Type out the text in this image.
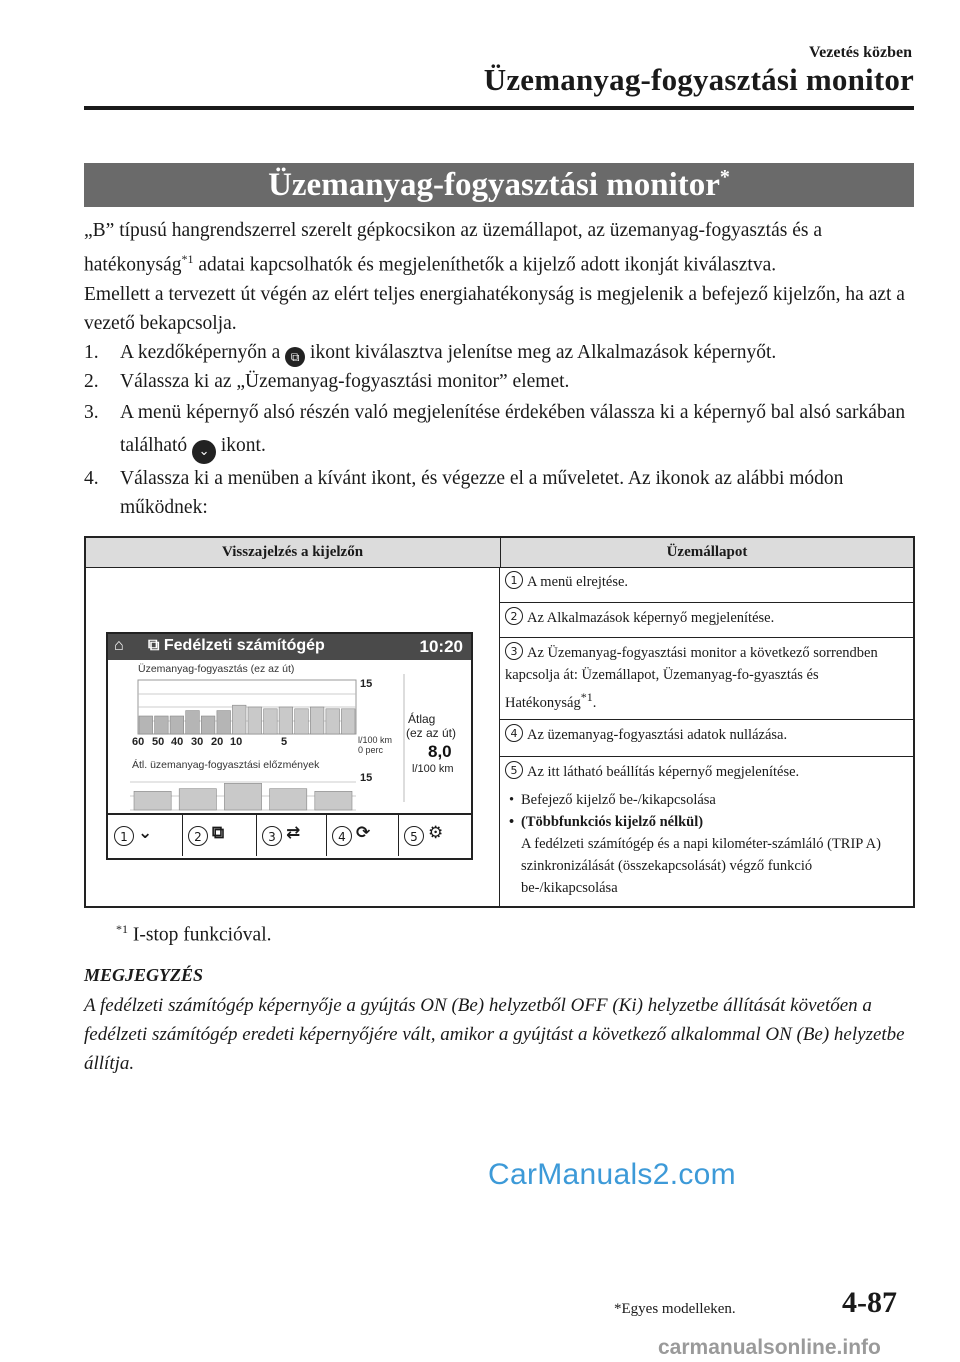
Vezetés közben
Üzemanyag-fogyasztási monitor
Üzemanyag-fogyasztási monitor*

„B” típusú hangrendszerrel szerelt gépkocsikon az üzemállapot, az üzemanyag-fogyasztás és a hatékonyság$^{*1}$ adatai kapcsolhatók és megjeleníthetők a kijelző adott ikonját kiválasztva.

Emellett a tervezett út végén az elért teljes energiahatékonyság is megjelenik a befejező kijelzőn, ha azt a vezető bekapcsolja.

1. A kezdőképernyőn a ⧉ ikont kiválasztva jelenítse meg az Alkalmazások képernyőt.
2. Válassza ki az „Üzemanyag-fogyasztási monitor” elemet.
3. A menü képernyő alsó részén való megjelenítése érdekében válassza ki a képernyő bal alsó sarkában található ⌄ ikont.
4. Válassza ki a menüben a kívánt ikont, és végezze el a műveletet. Az ikonok az alábbi módon működnek:
Visszajelzés a kijelzőn	Üzemállapot
1 A menü elrejtése.
2 Az Alkalmazások képernyő megjelenítése.
3 Az Üzemanyag-fogyasztási monitor a következő sorrendben kapcsolja át: Üzemállapot, Üzemanyag-fo-gyasztás és Hatékonyság$^{*1}$.
4 Az üzemanyag-fogyasztási adatok nullázása.
5 Az itt látható beállítás képernyő megjelenítése.
• Befejező kijelző be-/kikapcsolása
• (Többfunkciós kijelző nélkül)
A fedélzeti számítógép és a napi kilométer-számláló (TRIP A) szinkronizálását (összekapcsolását) végző funkció be-/kikapcsolása
⌂ ⧉ Fedélzeti számítógép	10:20
Üzemanyag-fogyasztás (ez az út)
15
l/100 km
0 perc
60 50 40 30 20 10	5
Átlag
(ez az út)
8,0
l/100 km
Átl. üzemanyag-fogyasztási előzmények
15
1 ⌄	2 ⧉	3 ⇄	4 ⟳	5 ⚙
$^{*1}$ I-stop funkcióval.
MEGJEGYZÉS
A fedélzeti számítógép képernyője a gyújtás ON (Be) helyzetből OFF (Ki) helyzetbe állítását követően a fedélzeti számítógép eredeti képernyőjére vált, amikor a gyújtást a következő alkalommal ON (Be) helyzetbe állítja.
CarManuals2.com
*Egyes modelleken.	4-87
carmanualsonline.info
